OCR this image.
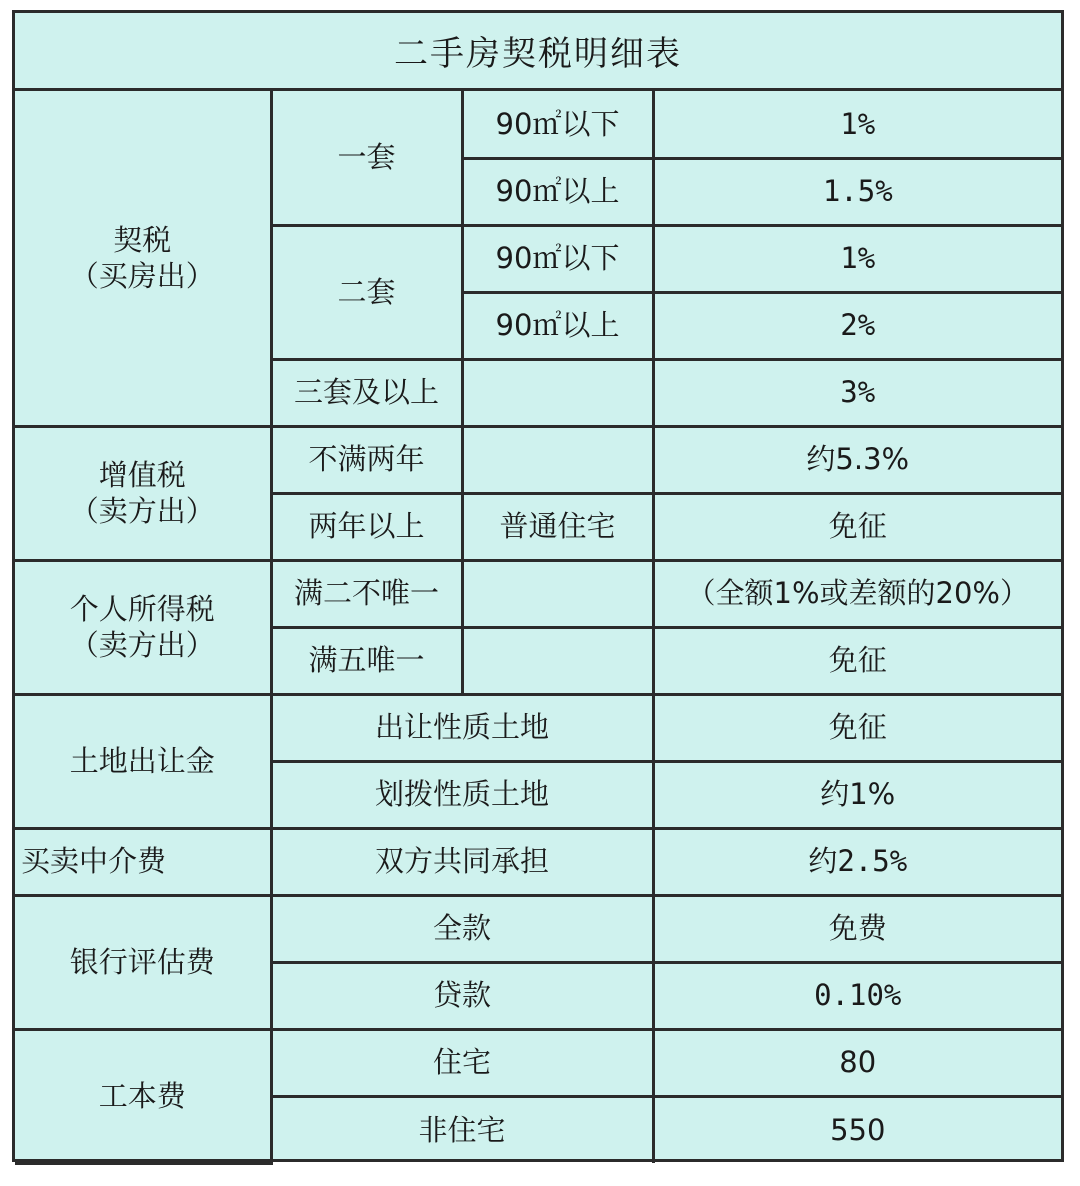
二手房契税明细表
契税
（买房出）	一套	90㎡以下	1%
		90㎡以上	1.5%
	二套	90㎡以下	1%
		90㎡以上	2%
	三套及以上		3%

增值税
（卖方出）	不满两年		约5.3%
	两年以上	普通住宅	免征

个人所得税
（卖方出）	满二不唯一		（全额1%或差额的20%）
	满五唯一		免征
土地出让金	出让性质土地		免征
	划拨性质土地		约1%
买卖中介费	双方共同承担		约2.5%
银行评估费	全款		免费
	贷款		0.10%
工本费	住宅		80
	非住宅		550
